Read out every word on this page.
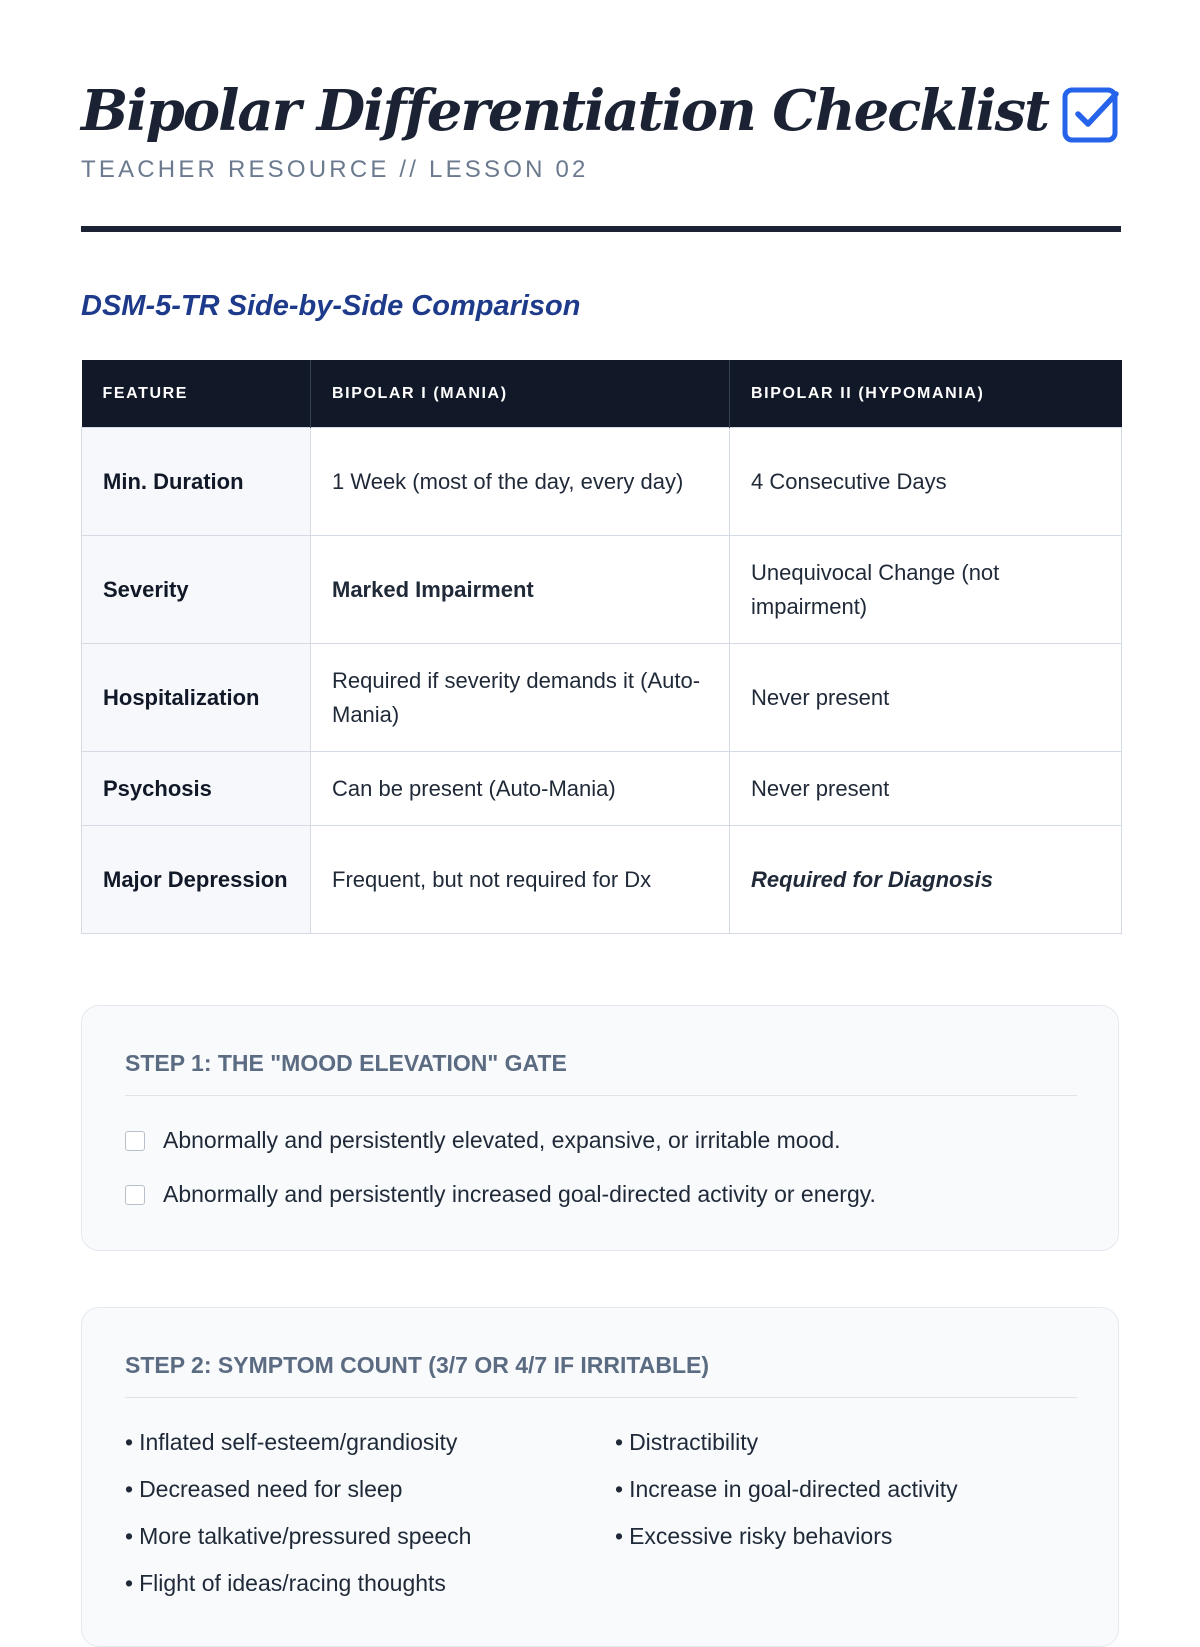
Bipolar Differentiation Checklist
TEACHER RESOURCE // LESSON 02
DSM-5-TR Side-by-Side Comparison
FEATURE	BIPOLAR I (MANIA)	BIPOLAR II (HYPOMANIA)
Min. Duration	1 Week (most of the day, every day)	4 Consecutive Days
Severity	Marked Impairment	Unequivocal Change (not impairment)
Hospitalization	Required if severity demands it (Auto-Mania)	Never present
Psychosis	Can be present (Auto-Mania)	Never present
Major Depression	Frequent, but not required for Dx	Required for Diagnosis
STEP 1: THE "MOOD ELEVATION" GATE
Abnormally and persistently elevated, expansive, or irritable mood.
Abnormally and persistently increased goal-directed activity or energy.
STEP 2: SYMPTOM COUNT (3/7 OR 4/7 IF IRRITABLE)
• Inflated self-esteem/grandiosity
• Decreased need for sleep
• More talkative/pressured speech
• Flight of ideas/racing thoughts
• Distractibility
• Increase in goal-directed activity
• Excessive risky behaviors
